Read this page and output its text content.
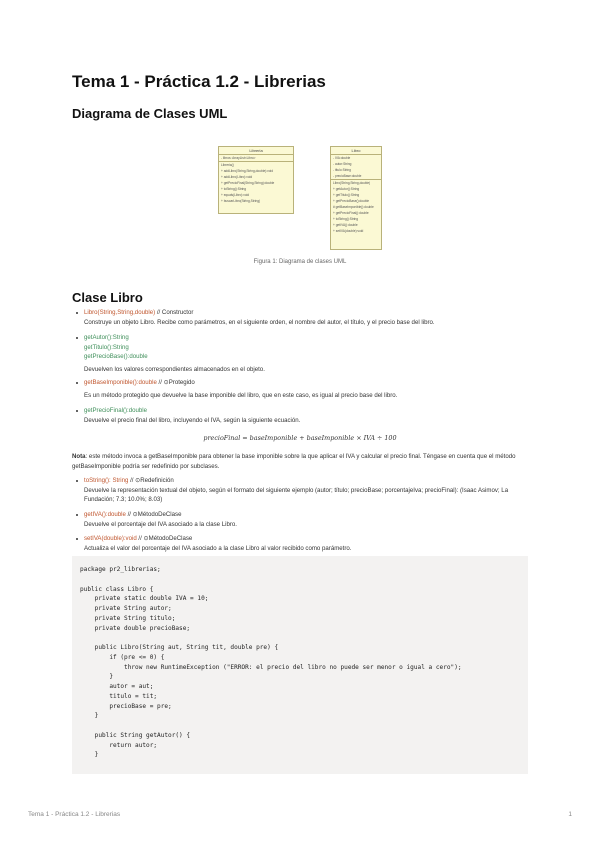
Tema 1 - Práctica 1.2 - Librerias
Diagrama de Clases UML
Libreria
- libros: ArrayList<Libro>
Libreria()
+ addLibro(String,String,double):void
+ addLibro(Libro):void
+ getPrecioFinal(String,String):double
+ toString():String
+ equals(Libro):void
+ buscarLibro(String,String)
Libro
- IVA:double
- autor:String
- titulo:String
- precioBase:double
Libro(String,String,double)
+ getAutor():String
+ getTitulo():String
+ getPrecioBase():double
# getBaseImponible():double
+ getPrecioFinal():double
+ toString():String
+ getIVA():double
+ setIVA(double):void
Figura 1: Diagrama de clases UML
Clase Libro
Libro(String,String,double) // Constructor
Construye un objeto Libro. Recibe como parámetros, en el siguiente orden, el nombre del autor, el título, y el precio base del libro.
getAutor():String
getTitulo():String
getPrecioBase():double
Devuelven los valores correspondientes almacenados en el objeto.
getBaseImponible():double // ⊙Protegido
Es un método protegido que devuelve la base imponible del libro, que en este caso, es igual al precio base del libro.
getPrecioFinal():double
Devuelve el precio final del libro, incluyendo el IVA, según la siguiente ecuación.
precioFinal = baseImponible + baseImponible × IVA ÷ 100
Nota: este método invoca a getBaseImponible para obtener la base imponible sobre la que aplicar el IVA y calcular el precio final. Téngase en cuenta que el método getBaseImponible podría ser redefinido por subclases.
toString(): String // ⊙Redefinición
Devuelve la representación textual del objeto, según el formato del siguiente ejemplo (autor; título; precioBase; porcentajeIva; precioFinal): (Isaac Asimov; La Fundación; 7.3; 10.0%; 8.03)
getIVA():double // ⊙MétodoDeClase
Devuelve el porcentaje del IVA asociado a la clase Libro.
setIVA(double):void // ⊙MétodoDeClase
Actualiza el valor del porcentaje del IVA asociado a la clase Libro al valor recibido como parámetro.
package pr2_librerias;

public class Libro {
private static double IVA = 10;
private String autor;
private String titulo;
private double precioBase;

public Libro(String aut, String tit, double pre) {
if (pre <= 0) {
throw new RuntimeException ("ERROR: el precio del libro no puede ser menor o igual a cero");
}
autor = aut;
titulo = tit;
precioBase = pre;
}

public String getAutor() {
return autor;
}
Tema 1 - Práctica 1.2 - Librerias	1
